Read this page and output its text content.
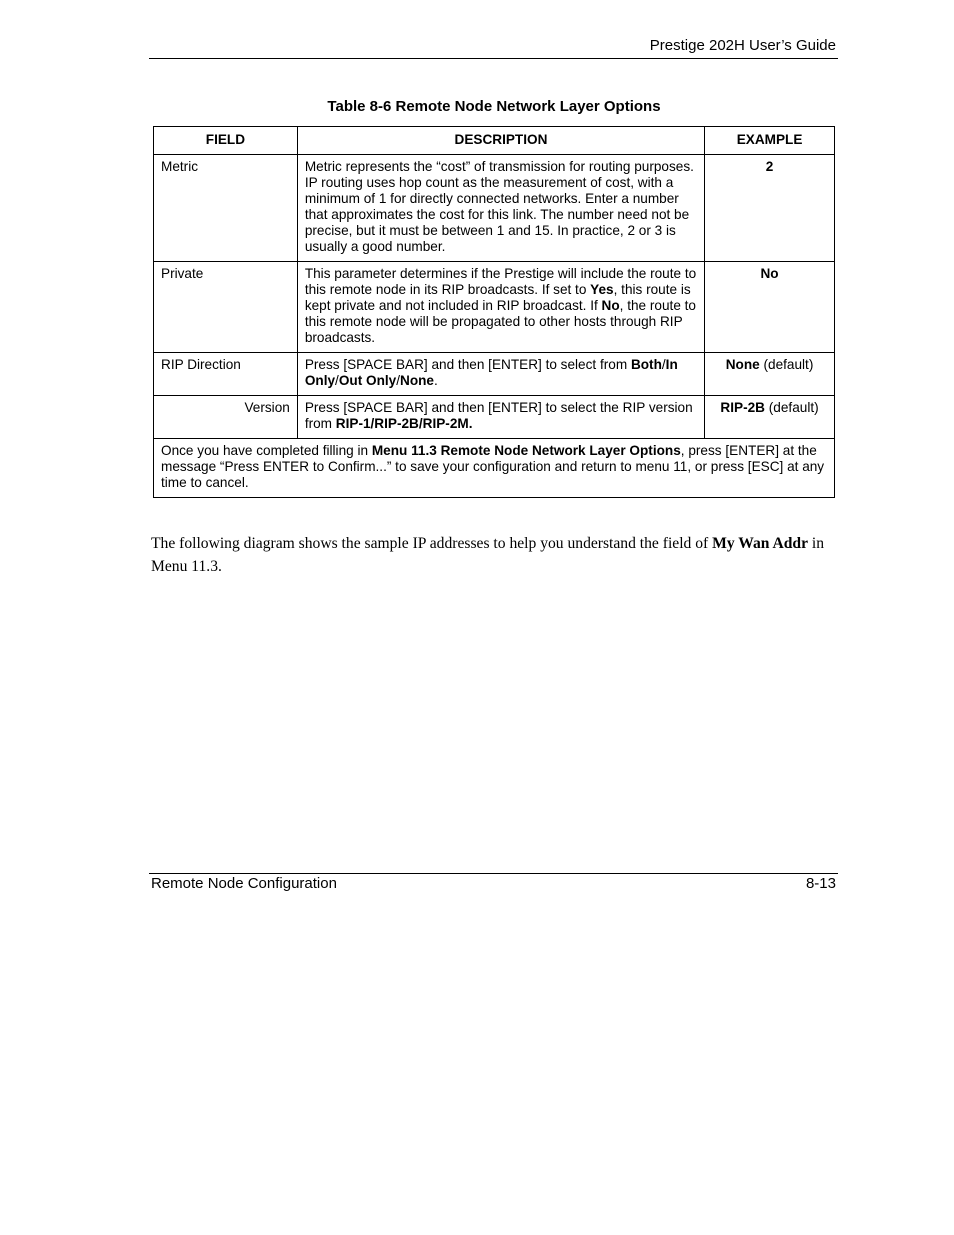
Prestige 202H User’s Guide
Table 8-6 Remote Node Network Layer Options
FIELD	DESCRIPTION	EXAMPLE
Metric	Metric represents the “cost” of transmission for routing purposes. IP routing uses hop count as the measurement of cost, with a minimum of 1 for directly connected networks. Enter a number that approximates the cost for this link. The number need not be precise, but it must be between 1 and 15. In practice, 2 or 3 is usually a good number.	2
Private	This parameter determines if the Prestige will include the route to this remote node in its RIP broadcasts. If set to Yes, this route is kept private and not included in RIP broadcast. If No, the route to this remote node will be propagated to other hosts through RIP broadcasts.	No
RIP Direction	Press [SPACE BAR] and then [ENTER] to select from Both/In Only/Out Only/None.	None (default)
Version	Press [SPACE BAR] and then [ENTER] to select the RIP version from RIP-1/RIP-2B/RIP-2M.	RIP-2B (default)
Once you have completed filling in Menu 11.3 Remote Node Network Layer Options, press [ENTER] at the message “Press ENTER to Confirm...” to save your configuration and return to menu 11, or press [ESC] at any time to cancel.		
The following diagram shows the sample IP addresses to help you understand the field of My Wan Addr in Menu 11.3.
Remote Node Configuration	8-13
